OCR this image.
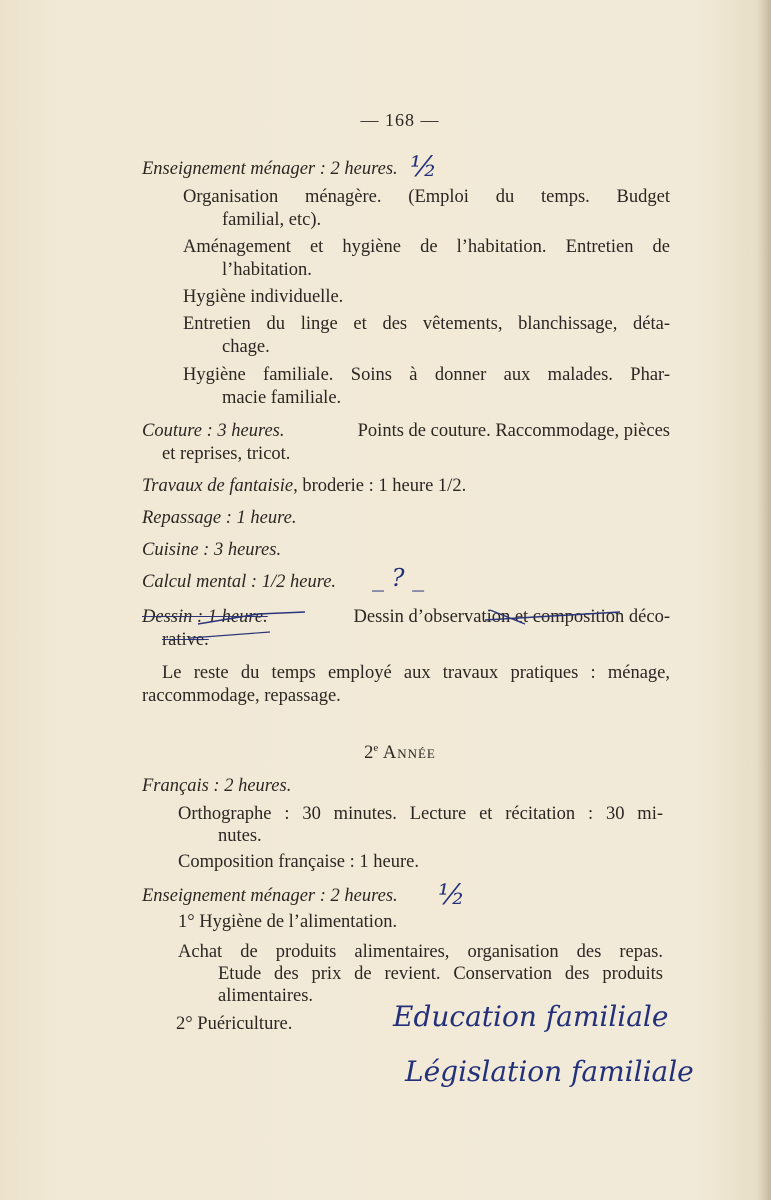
— 168 —
Enseignement ménager : 2 heures. ½
Organisation ménagère. (Emploi du temps. Budget
familial, etc).
Aménagement et hygiène de l’habitation. Entretien de
l’habitation.
Hygiène individuelle.
Entretien du linge et des vêtements, blanchissage, déta-
chage.
Hygiène familiale. Soins à donner aux malades. Phar-
macie familiale.
Couture : 3 heures.	Points de couture. Raccommodage, pièces
et reprises, tricot.
Travaux de fantaisie, broderie : 1 heure 1/2.
Repassage : 1 heure.
Cuisine : 3 heures.
Calcul mental : 1/2 heure. _ ? _
Dessin : 1 heure.	Dessin d’observation et composition déco-
rative.
Le reste du temps employé aux travaux pratiques : ménage,
raccommodage, repassage.
2e Année
Français : 2 heures.
Orthographe : 30 minutes. Lecture et récitation : 30 mi-
nutes.
Composition française : 1 heure.
Enseignement ménager : 2 heures. ½
1° Hygiène de l’alimentation.
Achat de produits alimentaires, organisation des repas.
Etude des prix de revient. Conservation des produits
alimentaires.
2° Puériculture.	Education familiale
Législation familiale
